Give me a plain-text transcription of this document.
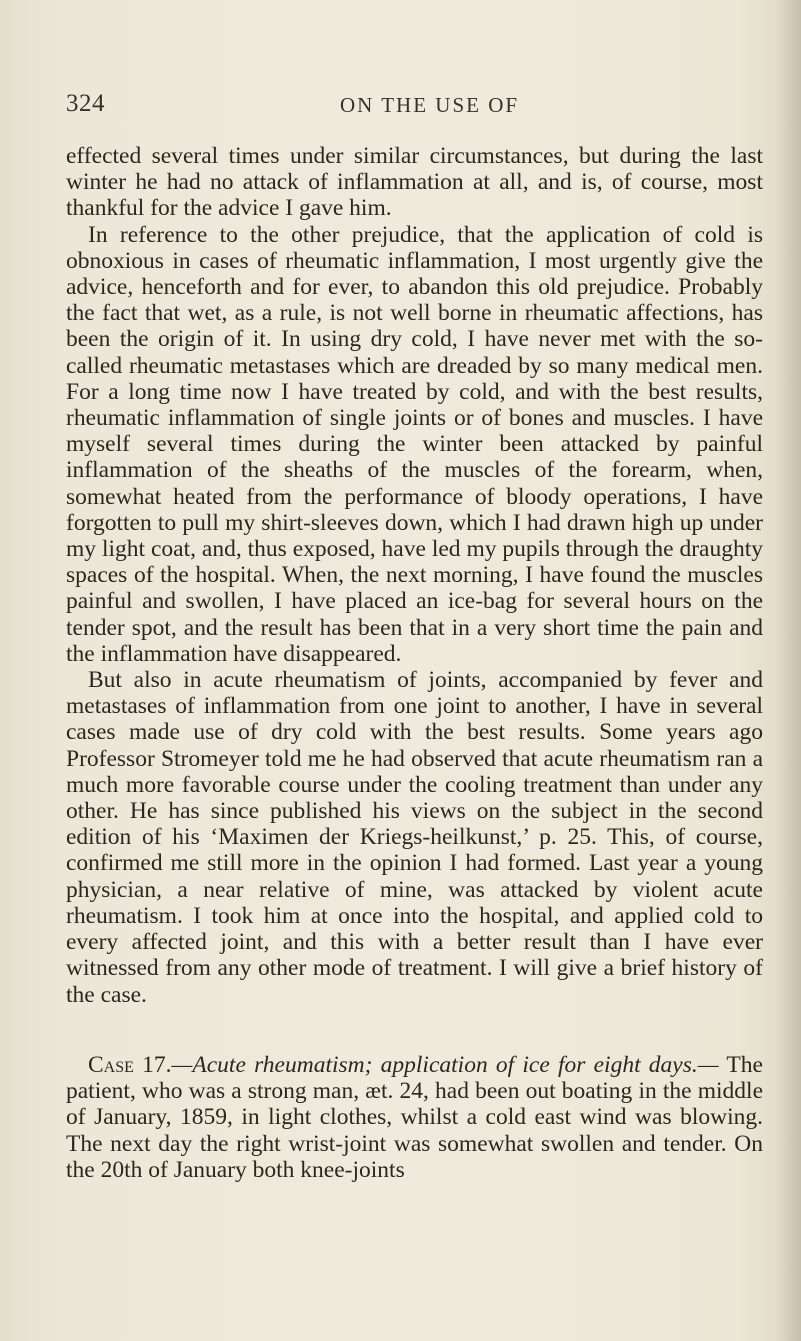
324	ON THE USE OF

effected several times under similar circumstances, but during the last winter he had no attack of inflammation at all, and is, of course, most thankful for the advice I gave him.

In reference to the other prejudice, that the application of cold is obnoxious in cases of rheumatic inflammation, I most urgently give the advice, henceforth and for ever, to abandon this old prejudice. Probably the fact that wet, as a rule, is not well borne in rheumatic affections, has been the origin of it. In using dry cold, I have never met with the so-called rheumatic metastases which are dreaded by so many medical men. For a long time now I have treated by cold, and with the best results, rheumatic inflammation of single joints or of bones and muscles. I have myself several times during the winter been attacked by painful inflammation of the sheaths of the muscles of the forearm, when, somewhat heated from the performance of bloody operations, I have forgotten to pull my shirt-sleeves down, which I had drawn high up under my light coat, and, thus exposed, have led my pupils through the draughty spaces of the hospital. When, the next morning, I have found the muscles painful and swollen, I have placed an ice-bag for several hours on the tender spot, and the result has been that in a very short time the pain and the inflammation have disappeared.

But also in acute rheumatism of joints, accompanied by fever and metastases of inflammation from one joint to another, I have in several cases made use of dry cold with the best results. Some years ago Professor Stromeyer told me he had observed that acute rheumatism ran a much more favorable course under the cooling treatment than under any other. He has since published his views on the subject in the second edition of his ‘Maximen der Kriegs-heilkunst,’ p. 25. This, of course, confirmed me still more in the opinion I had formed. Last year a young physician, a near relative of mine, was attacked by violent acute rheumatism. I took him at once into the hospital, and applied cold to every affected joint, and this with a better result than I have ever witnessed from any other mode of treatment. I will give a brief history of the case.

Case 17.—Acute rheumatism; application of ice for eight days.— The patient, who was a strong man, æt. 24, had been out boating in the middle of January, 1859, in light clothes, whilst a cold east wind was blowing. The next day the right wrist-joint was somewhat swollen and tender. On the 20th of January both knee-joints
